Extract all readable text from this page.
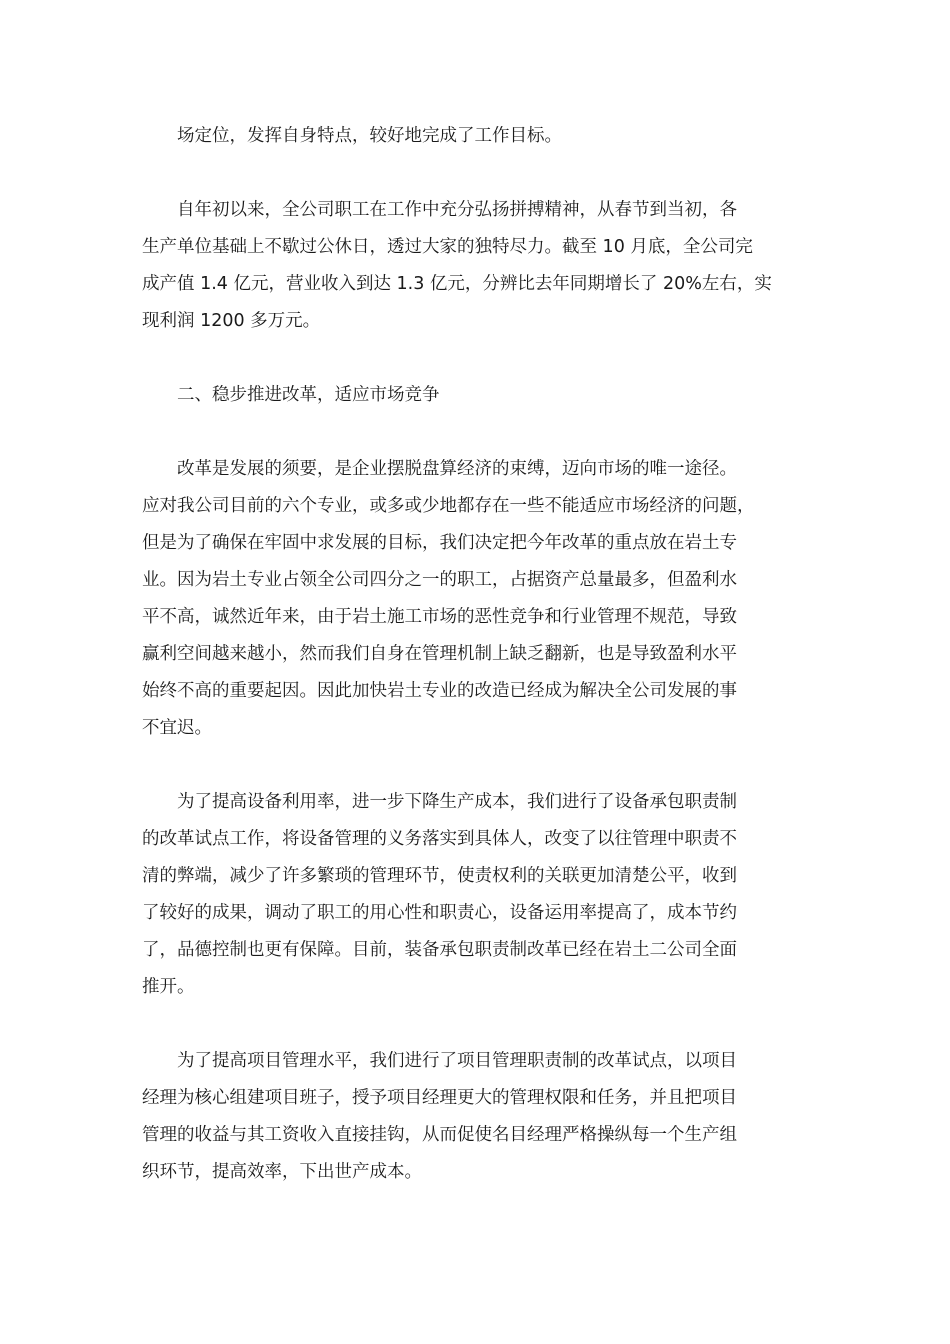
场定位，发挥自身特点，较好地完成了工作目标。

自年初以来，全公司职工在工作中充分弘扬拼搏精神，从春节到当初，各
生产单位基础上不歇过公休日，透过大家的独特尽力。截至 10 月底，全公司完
成产值 1.4 亿元，营业收入到达 1.3 亿元，分辨比去年同期增长了 20%左右，实
现利润 1200 多万元。

二、稳步推进改革，适应市场竞争

改革是发展的须要，是企业摆脱盘算经济的束缚，迈向市场的唯一途径。
应对我公司目前的六个专业，或多或少地都存在一些不能适应市场经济的问题，
但是为了确保在牢固中求发展的目标，我们决定把今年改革的重点放在岩土专
业。因为岩土专业占领全公司四分之一的职工，占据资产总量最多，但盈利水
平不高，诚然近年来，由于岩土施工市场的恶性竞争和行业管理不规范，导致
赢利空间越来越小，然而我们自身在管理机制上缺乏翻新，也是导致盈利水平
始终不高的重要起因。因此加快岩土专业的改造已经成为解决全公司发展的事
不宜迟。

为了提高设备利用率，进一步下降生产成本，我们进行了设备承包职责制
的改革试点工作，将设备管理的义务落实到具体人，改变了以往管理中职责不
清的弊端，减少了许多繁琐的管理环节，使责权利的关联更加清楚公平，收到
了较好的成果，调动了职工的用心性和职责心，设备运用率提高了，成本节约
了，品德控制也更有保障。目前，装备承包职责制改革已经在岩土二公司全面
推开。

为了提高项目管理水平，我们进行了项目管理职责制的改革试点，以项目
经理为核心组建项目班子，授予项目经理更大的管理权限和任务，并且把项目
管理的收益与其工资收入直接挂钩，从而促使名目经理严格操纵每一个生产组
织环节，提高效率，下出世产成本。
